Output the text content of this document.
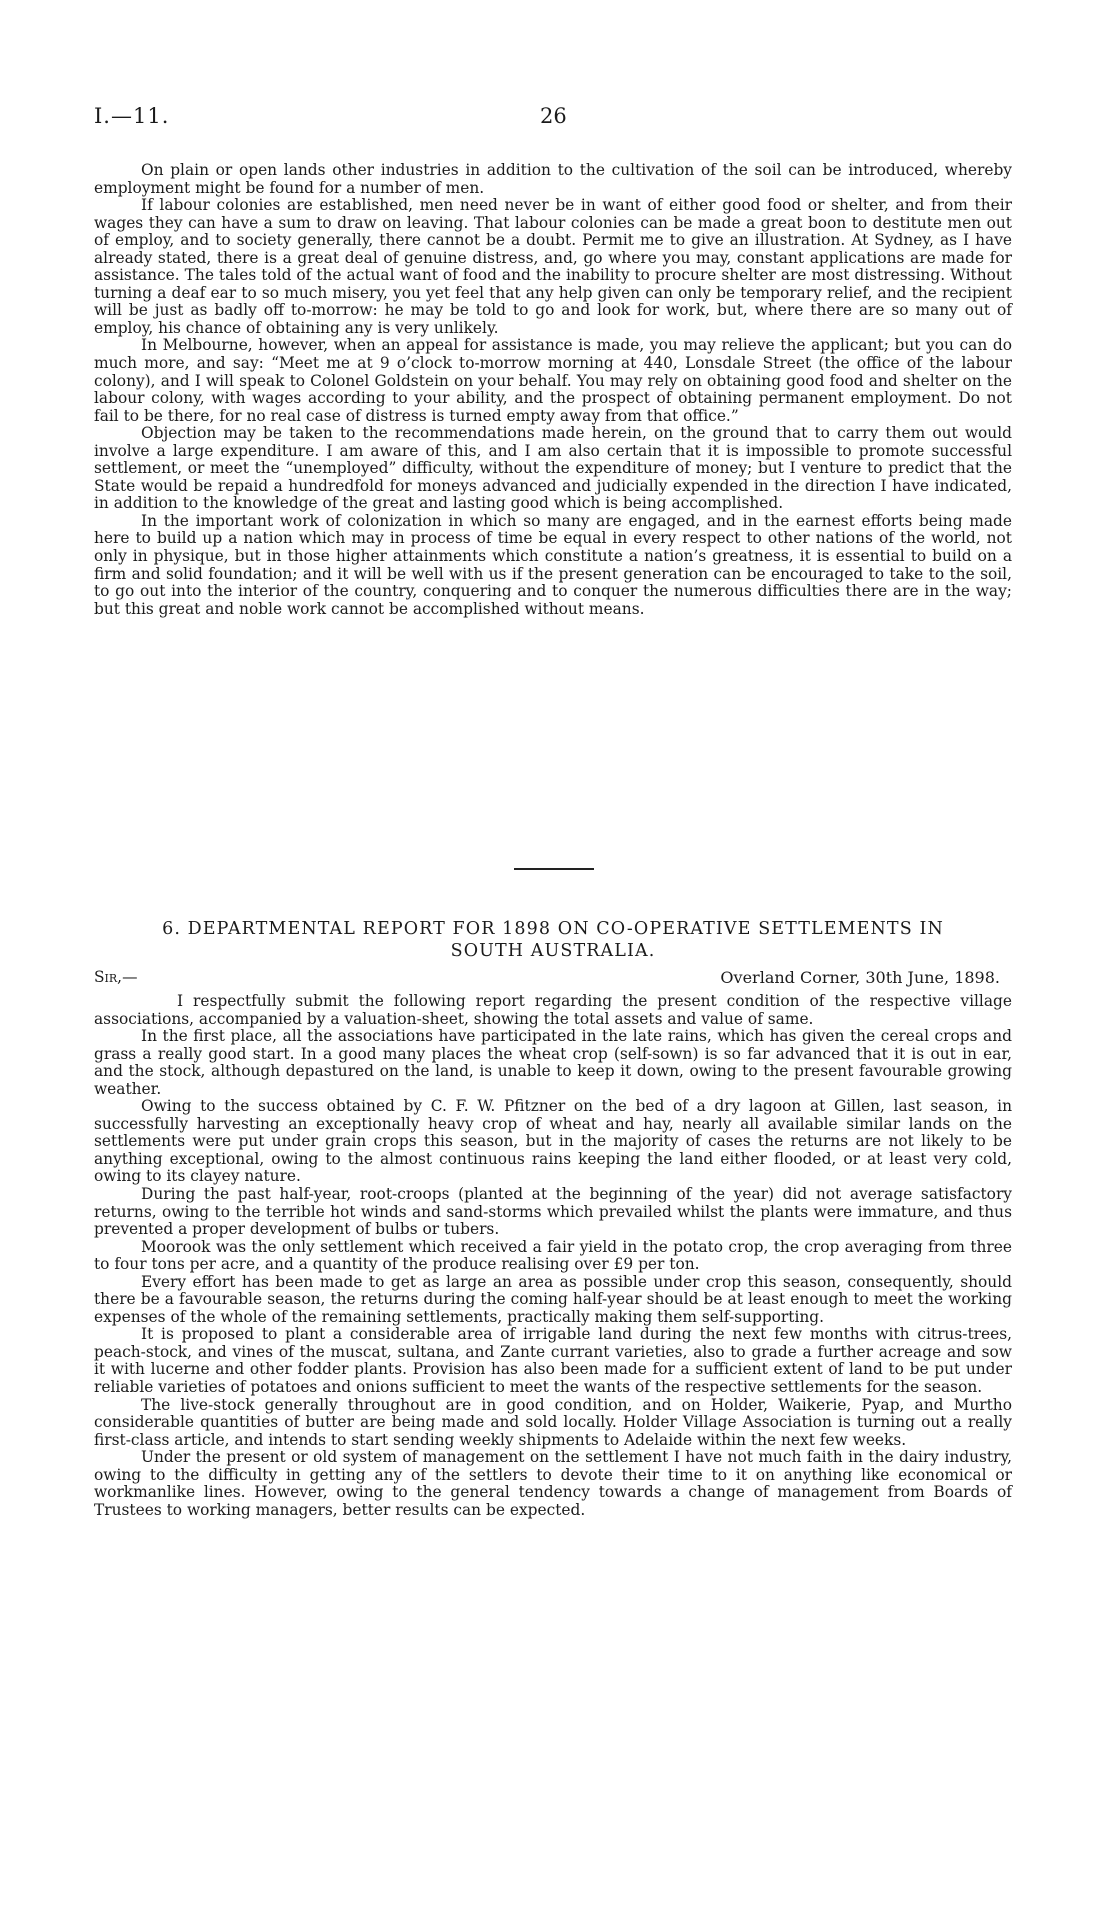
I.—11.	26

On plain or open lands other industries in addition to the cultivation of the soil can be introduced, whereby employment might be found for a number of men.

If labour colonies are established, men need never be in want of either good food or shelter, and from their wages they can have a sum to draw on leaving. That labour colonies can be made a great boon to destitute men out of employ, and to society generally, there cannot be a doubt. Permit me to give an illustration. At Sydney, as I have already stated, there is a great deal of genuine distress, and, go where you may, constant applications are made for assistance. The tales told of the actual want of food and the inability to procure shelter are most distressing. Without turning a deaf ear to so much misery, you yet feel that any help given can only be temporary relief, and the recipient will be just as badly off to-morrow: he may be told to go and look for work, but, where there are so many out of employ, his chance of obtaining any is very unlikely.

In Melbourne, however, when an appeal for assistance is made, you may relieve the applicant; but you can do much more, and say: “Meet me at 9 o’clock to-morrow morning at 440, Lonsdale Street (the office of the labour colony), and I will speak to Colonel Goldstein on your behalf. You may rely on obtaining good food and shelter on the labour colony, with wages according to your ability, and the prospect of obtaining permanent employment. Do not fail to be there, for no real case of distress is turned empty away from that office.”

Objection may be taken to the recommendations made herein, on the ground that to carry them out would involve a large expenditure. I am aware of this, and I am also certain that it is impossible to promote successful settlement, or meet the “unemployed” difficulty, without the expenditure of money; but I venture to predict that the State would be repaid a hundredfold for moneys advanced and judicially expended in the direction I have indicated, in addition to the knowledge of the great and lasting good which is being accomplished.

In the important work of colonization in which so many are engaged, and in the earnest efforts being made here to build up a nation which may in process of time be equal in every respect to other nations of the world, not only in physique, but in those higher attainments which constitute a nation’s greatness, it is essential to build on a firm and solid foundation; and it will be well with us if the present generation can be encouraged to take to the soil, to go out into the interior of the country, conquering and to conquer the numerous difficulties there are in the way; but this great and noble work cannot be accomplished without means.

6. DEPARTMENTAL REPORT FOR 1898 ON CO-OPERATIVE SETTLEMENTS IN
SOUTH AUSTRALIA.
Sir,—	Overland Corner, 30th June, 1898.

I respectfully submit the following report regarding the present condition of the respective village associations, accompanied by a valuation-sheet, showing the total assets and value of same.

In the first place, all the associations have participated in the late rains, which has given the cereal crops and grass a really good start. In a good many places the wheat crop (self-sown) is so far advanced that it is out in ear, and the stock, although depastured on the land, is unable to keep it down, owing to the present favourable growing weather.

Owing to the success obtained by C. F. W. Pfitzner on the bed of a dry lagoon at Gillen, last season, in successfully harvesting an exceptionally heavy crop of wheat and hay, nearly all available similar lands on the settlements were put under grain crops this season, but in the majority of cases the returns are not likely to be anything exceptional, owing to the almost continuous rains keeping the land either flooded, or at least very cold, owing to its clayey nature.

During the past half-year, root-croops (planted at the beginning of the year) did not average satisfactory returns, owing to the terrible hot winds and sand-storms which prevailed whilst the plants were immature, and thus prevented a proper development of bulbs or tubers.

Moorook was the only settlement which received a fair yield in the potato crop, the crop averaging from three to four tons per acre, and a quantity of the produce realising over £9 per ton.

Every effort has been made to get as large an area as possible under crop this season, consequently, should there be a favourable season, the returns during the coming half-year should be at least enough to meet the working expenses of the whole of the remaining settlements, practically making them self-supporting.

It is proposed to plant a considerable area of irrigable land during the next few months with citrus-trees, peach-stock, and vines of the muscat, sultana, and Zante currant varieties, also to grade a further acreage and sow it with lucerne and other fodder plants. Provision has also been made for a sufficient extent of land to be put under reliable varieties of potatoes and onions sufficient to meet the wants of the respective settlements for the season.

The live-stock generally throughout are in good condition, and on Holder, Waikerie, Pyap, and Murtho considerable quantities of butter are being made and sold locally. Holder Village Association is turning out a really first-class article, and intends to start sending weekly shipments to Adelaide within the next few weeks.

Under the present or old system of management on the settlement I have not much faith in the dairy industry, owing to the difficulty in getting any of the settlers to devote their time to it on anything like economical or workmanlike lines. However, owing to the general tendency towards a change of management from Boards of Trustees to working managers, better results can be expected.
